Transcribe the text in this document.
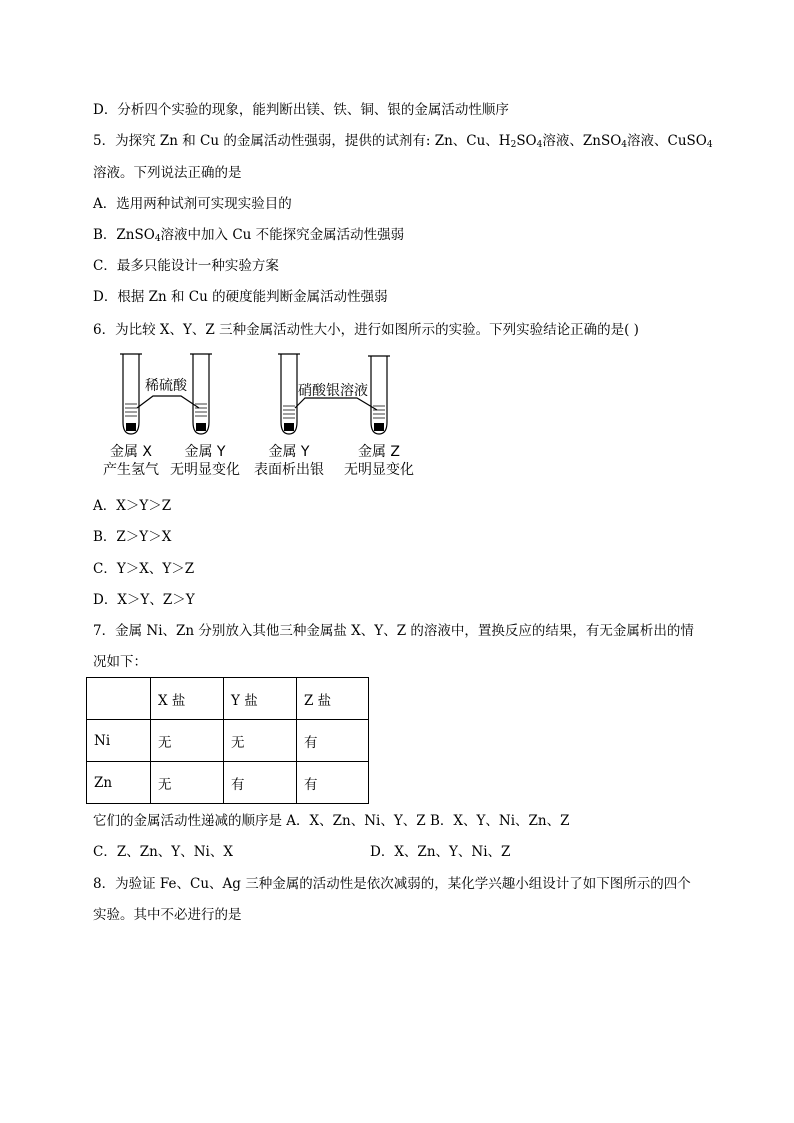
D．分析四个实验的现象，能判断出镁、铁、铜、银的金属活动性顺序
5．为探究 Zn 和 Cu 的金属活动性强弱，提供的试剂有: Zn、Cu、$H_2SO_4$溶液、ZnSO$_4$溶液、CuSO$_4$
溶液。下列说法正确的是
A．选用两种试剂可实现实验目的
B．ZnSO$_4$溶液中加入 Cu 不能探究金属活动性强弱
C．最多只能设计一种实验方案
D．根据 Zn 和 Cu 的硬度能判断金属活动性强弱
6．为比较 X、Y、Z 三种金属活动性大小，进行如图所示的实验。下列实验结论正确的是( )
稀硫酸	硝酸银溶液
金属 X
产生氢气
金属 Y
无明显变化
金属 Y
表面析出银
金属 Z
无明显变化
A．X＞Y＞Z
B．Z＞Y＞X
C．Y＞X、Y＞Z
D．X＞Y、Z＞Y
7．金属 Ni、Zn 分别放入其他三种金属盐 X、Y、Z 的溶液中，置换反应的结果，有无金属析出的情
况如下：
	X 盐	Y 盐	Z 盐
Ni	无	无	有
Zn	无	有	有
它们的金属活动性递减的顺序是 A．X、Zn、Ni、Y、Z B．X、Y、Ni、Zn、Z
C．Z、Zn、Y、Ni、X	D．X、Zn、Y、Ni、Z
8．为验证 Fe、Cu、Ag 三种金属的活动性是依次减弱的，某化学兴趣小组设计了如下图所示的四个
实验。其中不必进行的是
